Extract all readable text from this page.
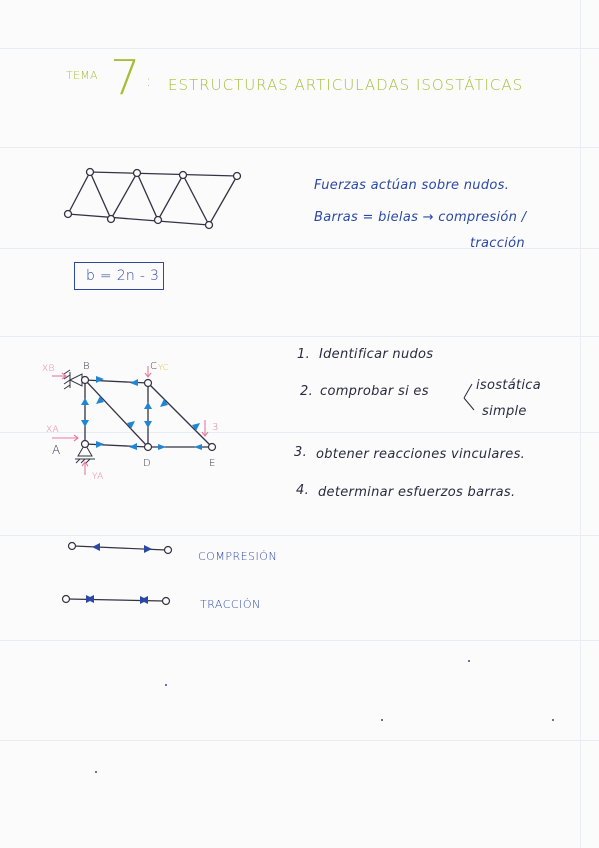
TEMA 7 : ESTRUCTURAS ARTICULADAS ISOSTÁTICAS
Fuerzas actúan sobre nudos.
Barras = bielas → compresión /
tracción
b = 2n - 3
XB	B	C YC
XA
A
YA
D	E
3
1. Identificar nudos
2. comprobar si es	isostática
simple
3. obtener reacciones vinculares.
4. determinar esfuerzos barras.
COMPRESIÓN
TRACCIÓN
